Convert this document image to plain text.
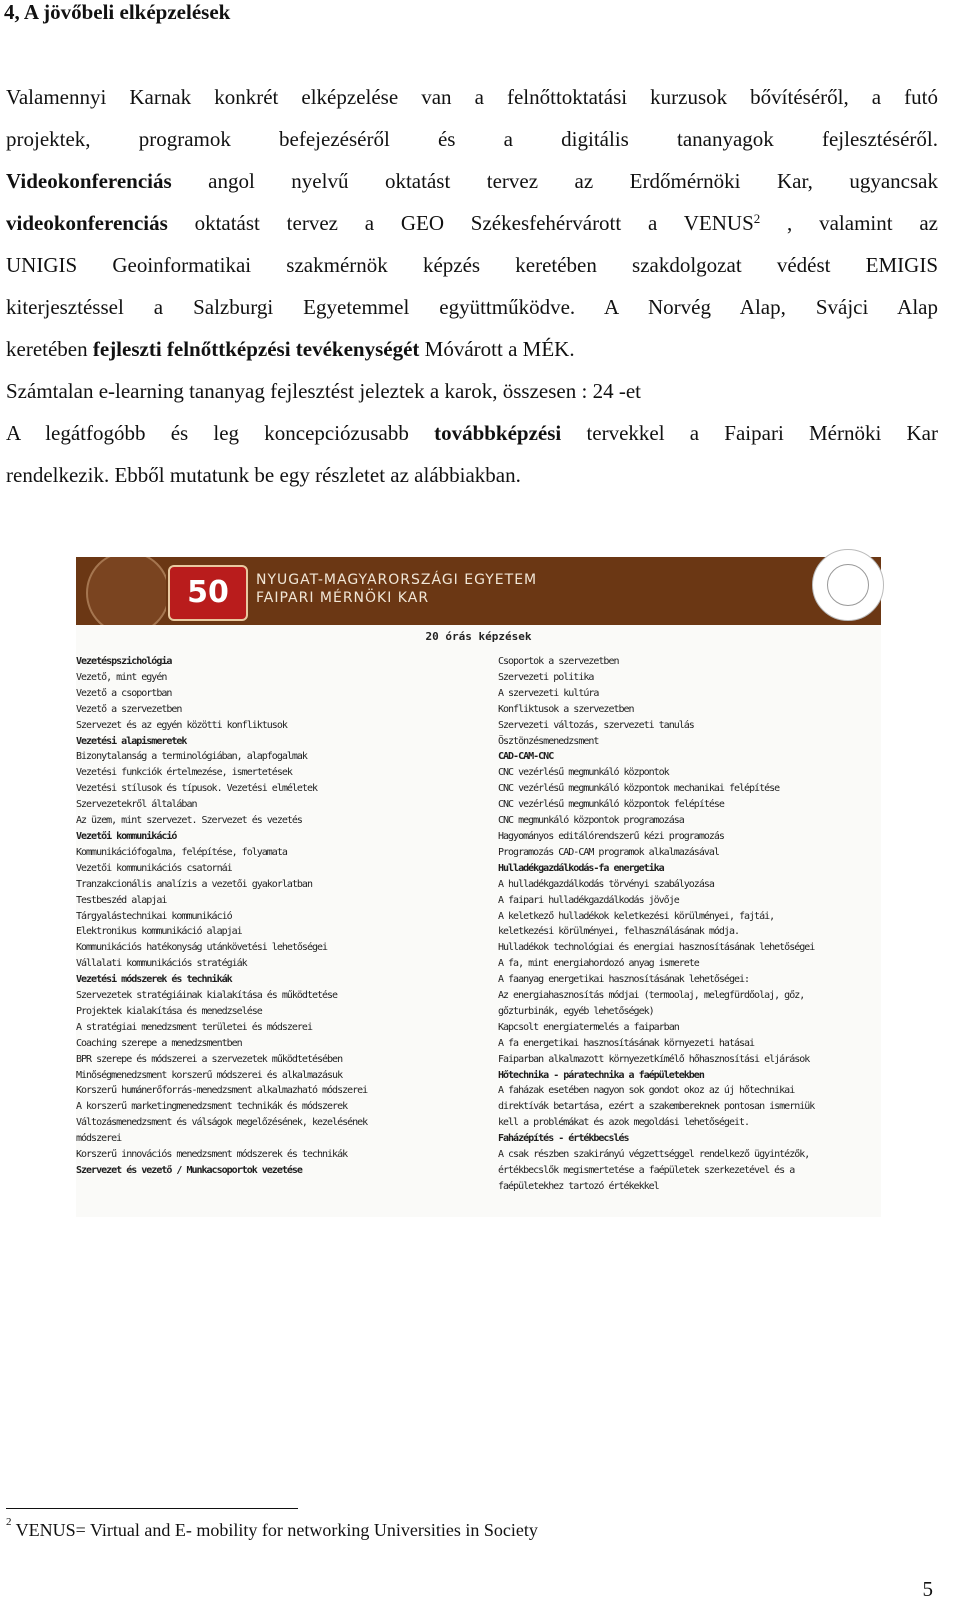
4, A jövőbeli elképzelések
Valamennyi Karnak konkrét elképzelése van a felnőttoktatási kurzusok bővítéséről, a futó
projektek, programok befejezéséről és a digitális tananyagok fejlesztéséről.
Videokonferenciás angol nyelvű oktatást tervez az Erdőmérnöki Kar, ugyancsak
videokonferenciás oktatást tervez a GEO Székesfehérvárott a VENUS$^2$ , valamint az
UNIGIS Geoinformatikai szakmérnök képzés keretében szakdolgozat védést EMIGIS
kiterjesztéssel a Salzburgi Egyetemmel együttműködve. A Norvég Alap, Svájci Alap
keretében fejleszti felnőttképzési tevékenységét Móvárott a MÉK.
Számtalan e-learning tananyag fejlesztést jeleztek a karok, összesen : 24 -et
A legátfogóbb és leg koncepciózusabb továbbképzési tervekkel a Faipari Mérnöki Kar
rendelkezik. Ebből mutatunk be egy részletet az alábbiakban.
50	NYUGAT-MAGYARORSZÁGI EGYETEM
FAIPARI MÉRNÖKI KAR
20 órás képzések
Vezetéspszichológia
Vezető, mint egyén
Vezető a csoportban
Vezető a szervezetben
Szervezet és az egyén közötti konfliktusok
Vezetési alapismeretek
Bizonytalanság a terminológiában, alapfogalmak
Vezetési funkciók értelmezése, ismertetések
Vezetési stílusok és típusok. Vezetési elméletek
Szervezetekről általában
Az üzem, mint szervezet. Szervezet és vezetés
Vezetői kommunikáció
Kommunikációfogalma, felépítése, folyamata
Vezetői kommunikációs csatornái
Tranzakcionális analízis a vezetői gyakorlatban
Testbeszéd alapjai
Tárgyalástechnikai kommunikáció
Elektronikus kommunikáció alapjai
Kommunikációs hatékonyság utánkövetési lehetőségei
Vállalati kommunikációs stratégiák
Vezetési módszerek és technikák
Szervezetek stratégiáinak kialakítása és működtetése
Projektek kialakítása és menedzselése
A stratégiai menedzsment területei és módszerei
Coaching szerepe a menedzsmentben
BPR szerepe és módszerei a szervezetek működtetésében
Minőségmenedzsment korszerű módszerei és alkalmazásuk
Korszerű humánerőforrás-menedzsment alkalmazható módszerei
A korszerű marketingmenedzsment technikák és módszerek
Változásmenedzsment és válságok megelőzésének, kezelésének
módszerei
Korszerű innovációs menedzsment módszerek és technikák
Szervezet és vezető / Munkacsoportok vezetése
Csoportok a szervezetben
Szervezeti politika
A szervezeti kultúra
Konfliktusok a szervezetben
Szervezeti változás, szervezeti tanulás
Ösztönzésmenedzsment
CAD-CAM-CNC
CNC vezérlésű megmunkáló központok
CNC vezérlésű megmunkáló központok mechanikai felépítése
CNC vezérlésű megmunkáló központok felépítése
CNC megmunkáló központok programozása
Hagyományos editálórendszerű kézi programozás
Programozás CAD-CAM programok alkalmazásával
Hulladékgazdálkodás-fa energetika
A hulladékgazdálkodás törvényi szabályozása
A faipari hulladékgazdálkodás jövője
A keletkező hulladékok keletkezési körülményei, fajtái,
keletkezési körülményei, felhasználásának módja.
Hulladékok technológiai és energiai hasznosításának lehetőségei
A fa, mint energiahordozó anyag ismerete
A faanyag energetikai hasznosításának lehetőségei:
Az energiahasznosítás módjai (termoolaj, melegfürdőolaj, gőz,
gőzturbinák, egyéb lehetőségek)
Kapcsolt energiatermelés a faiparban
A fa energetikai hasznosításának környezeti hatásai
Faiparban alkalmazott környezetkímélő hőhasznosítási eljárások
Hőtechnika - páratechnika a faépületekben
A faházak esetében nagyon sok gondot okoz az új hőtechnikai
direktívák betartása, ezért a szakembereknek pontosan ismerniük
kell a problémákat és azok megoldási lehetőségeit.
Faházépítés - értékbecslés
A csak részben szakirányú végzettséggel rendelkező ügyintézők,
értékbecslők megismertetése a faépületek szerkezetével és a
faépületekhez tartozó értékekkel
$^2$ VENUS= Virtual and E- mobility for networking Universities in Society
5
